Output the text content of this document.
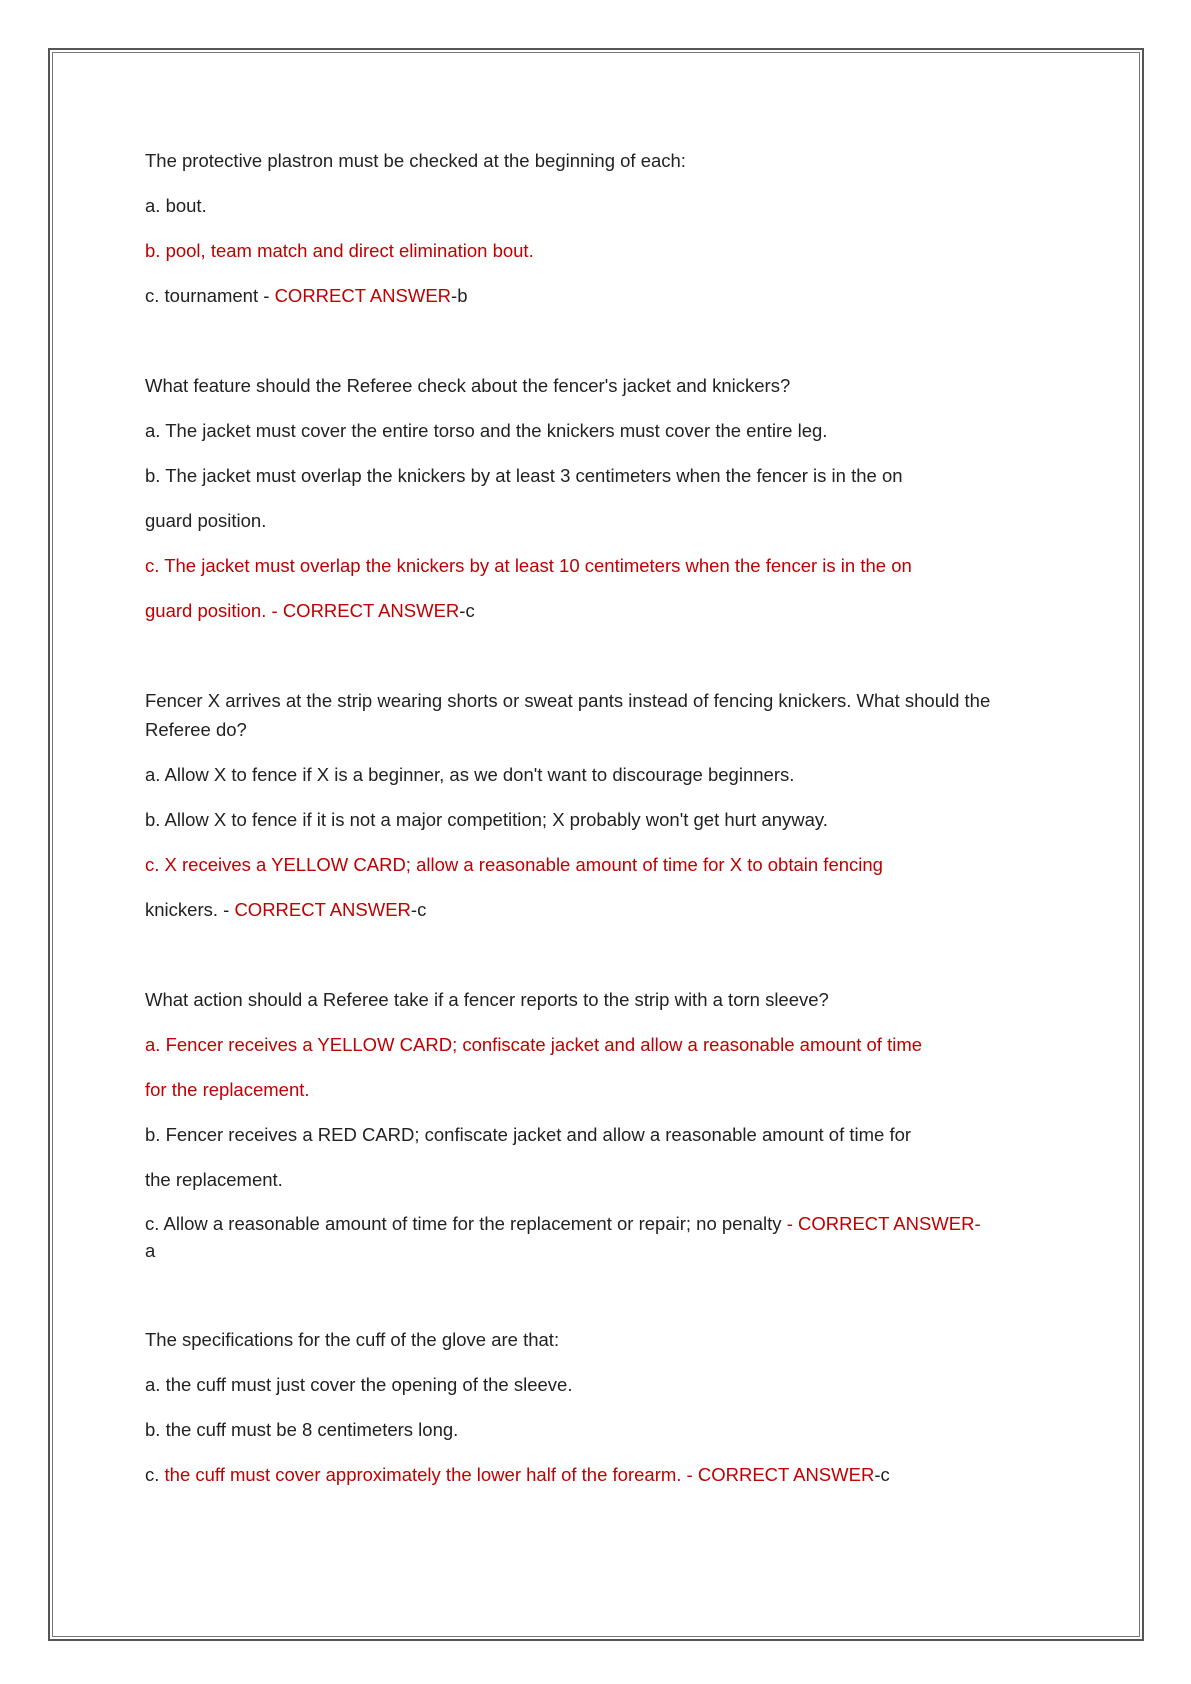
The protective plastron must be checked at the beginning of each:

a. bout.
b. pool, team match and direct elimination bout.
c. tournament - CORRECT ANSWER-b

What feature should the Referee check about the fencer's jacket and knickers?

a. The jacket must cover the entire torso and the knickers must cover the entire leg.
b. The jacket must overlap the knickers by at least 3 centimeters when the fencer is in the on
guard position.
c. The jacket must overlap the knickers by at least 10 centimeters when the fencer is in the on
guard position. - CORRECT ANSWER-c

Fencer X arrives at the strip wearing shorts or sweat pants instead of fencing knickers. What should the Referee do?

a. Allow X to fence if X is a beginner, as we don't want to discourage beginners.
b. Allow X to fence if it is not a major competition; X probably won't get hurt anyway.
c. X receives a YELLOW CARD; allow a reasonable amount of time for X to obtain fencing
knickers. - CORRECT ANSWER-c

What action should a Referee take if a fencer reports to the strip with a torn sleeve?

a. Fencer receives a YELLOW CARD; confiscate jacket and allow a reasonable amount of time
for the replacement.
b. Fencer receives a RED CARD; confiscate jacket and allow a reasonable amount of time for
the replacement.
c. Allow a reasonable amount of time for the replacement or repair; no penalty - CORRECT ANSWER-
a

The specifications for the cuff of the glove are that:

a. the cuff must just cover the opening of the sleeve.
b. the cuff must be 8 centimeters long.
c. the cuff must cover approximately the lower half of the forearm. - CORRECT ANSWER-c
